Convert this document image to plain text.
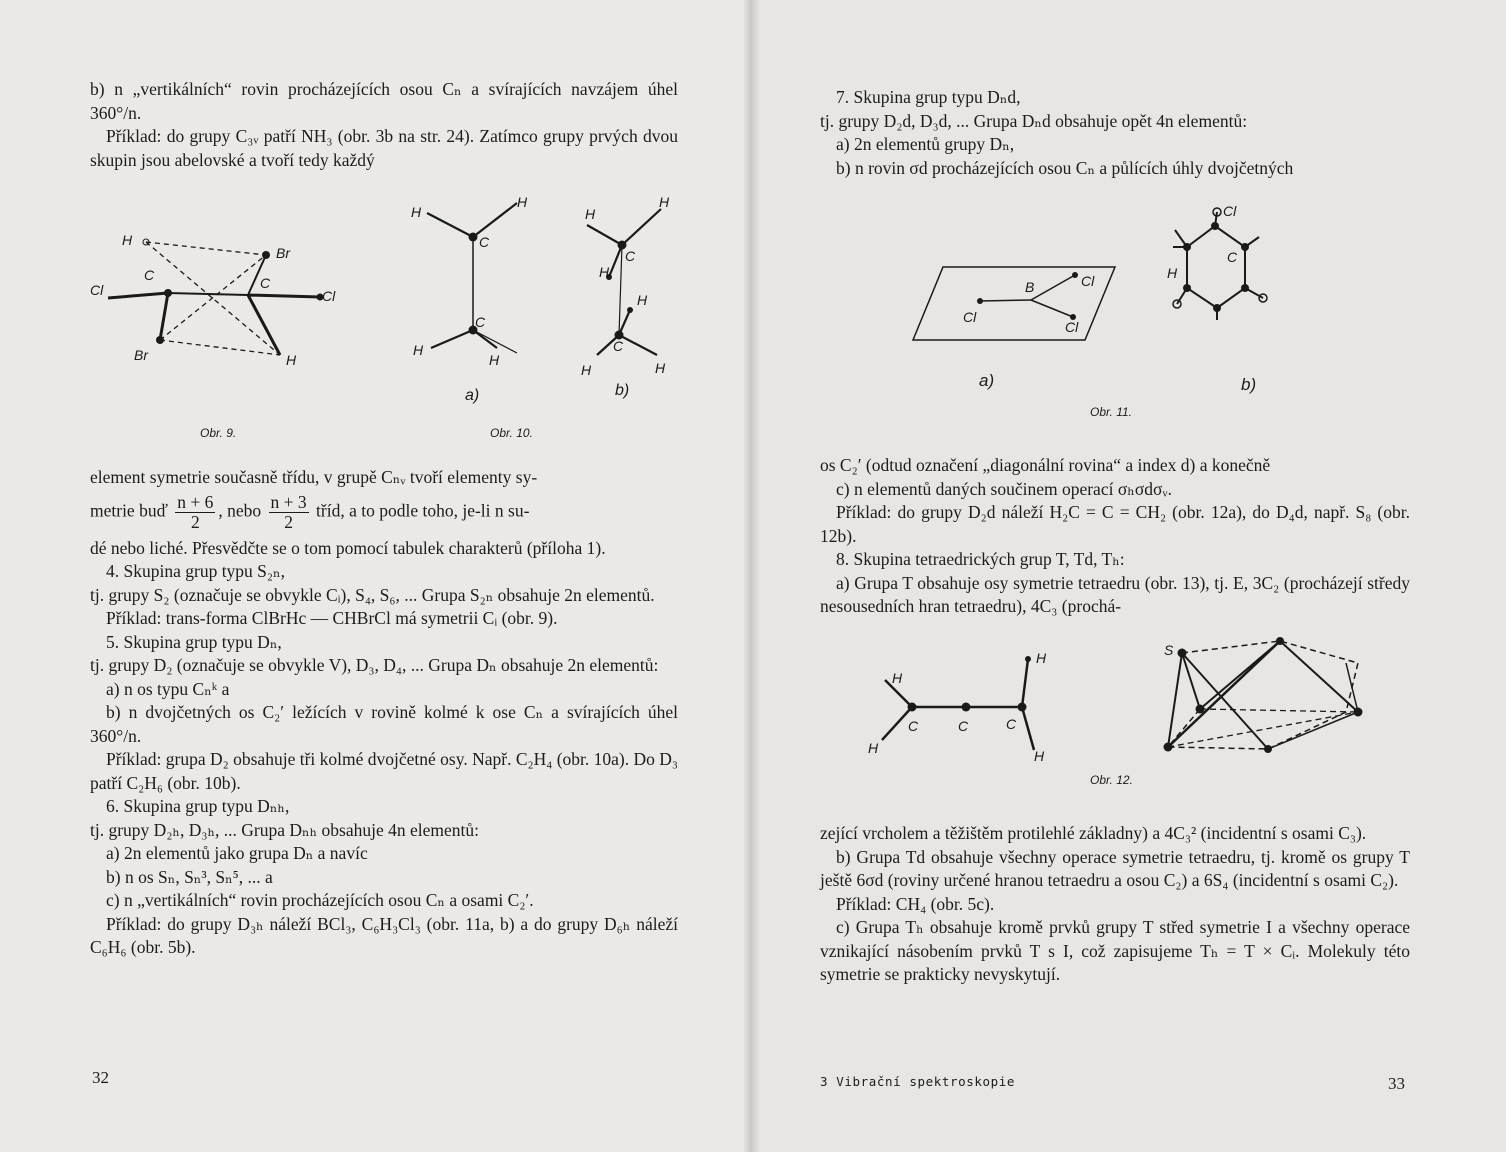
b) n „vertikálních“ rovin procházejících osou Cₙ a svírajících navzájem úhel 360°/n.

Příklad: do grupy C₃ᵥ patří NH₃ (obr. 3b na str. 24). Zatímco grupy prvých dvou skupin jsou abelovské a tvoří tedy každý

H
C
Cl
Br
C
Br
Cl
H
Obr. 9.
H
H
C
C
H
H
H
H
C
H
H
C
H	H
a)	b)
Obr. 10.

element symetrie současně třídu, v grupě Cₙᵥ tvoří elementy sy-

metrie buď $\frac{n + 6}{2}$ , nebo $\frac{n + 3}{2}$ tříd, a to podle toho, je-li n su-

dé nebo liché. Přesvědčte se o tom pomocí tabulek charakterů (příloha 1).

4. Skupina grup typu S₂ₙ,

tj. grupy S₂ (označuje se obvykle Cᵢ), S₄, S₆, ... Grupa S₂ₙ obsahuje 2n elementů.

Příklad: trans-forma ClBrHc — CHBrCl má symetrii Cᵢ (obr. 9).

5. Skupina grup typu Dₙ,

tj. grupy D₂ (označuje se obvykle V), D₃, D₄, ... Grupa Dₙ obsahuje 2n elementů:

a) n os typu Cₙᵏ a

b) n dvojčetných os C₂′ ležících v rovině kolmé k ose Cₙ a svírajících úhel 360°/n.

Příklad: grupa D₂ obsahuje tři kolmé dvojčetné osy. Např. C₂H₄ (obr. 10a). Do D₃ patří C₂H₆ (obr. 10b).

6. Skupina grup typu Dₙₕ,

tj. grupy D₂ₕ, D₃ₕ, ... Grupa Dₙₕ obsahuje 4n elementů:

a) 2n elementů jako grupa Dₙ a navíc

b) n os Sₙ, Sₙ³, Sₙ⁵, ... a

c) n „vertikálních“ rovin procházejících osou Cₙ a osami C₂′.

Příklad: do grupy D₃ₕ náleží BCl₃, C₆H₃Cl₃ (obr. 11a, b) a do grupy D₆ₕ náleží C₆H₆ (obr. 5b).

32

7. Skupina grup typu Dₙd,

tj. grupy D₂d, D₃d, ... Grupa Dₙd obsahuje opět 4n elementů:

a) 2n elementů grupy Dₙ,

b) n rovin σd procházejících osou Cₙ a půlících úhly dvojčetných

B	Cl
Cl
Cl
Cl
C
H
a)	b)
Obr. 11.

os C₂′ (odtud označení „diagonální rovina“ a index d) a konečně

c) n elementů daných součinem operací σₕσdσᵥ.

Příklad: do grupy D₂d náleží H₂C = C = CH₂ (obr. 12a), do D₄d, např. S₈ (obr. 12b).

8. Skupina tetraedrických grup T, Td, Tₕ:

a) Grupa T obsahuje osy symetrie tetraedru (obr. 13), tj. E, 3C₂ (procházejí středy nesousedních hran tetraedru), 4C₃ (prochá-

H
C	C	C
H
H	H
S
Obr. 12.

zející vrcholem a těžištěm protilehlé základny) a 4C₃² (incidentní s osami C₃).

b) Grupa Td obsahuje všechny operace symetrie tetraedru, tj. kromě os grupy T ještě 6σd (roviny určené hranou tetraedru a osou C₂) a 6S₄ (incidentní s osami C₂).

Příklad: CH₄ (obr. 5c).

c) Grupa Tₕ obsahuje kromě prvků grupy T střed symetrie I a všechny operace vznikající násobením prvků T s I, což zapisujeme Tₕ = T × Cᵢ. Molekuly této symetrie se prakticky nevyskytují.

3 Vibrační spektroskopie	33
